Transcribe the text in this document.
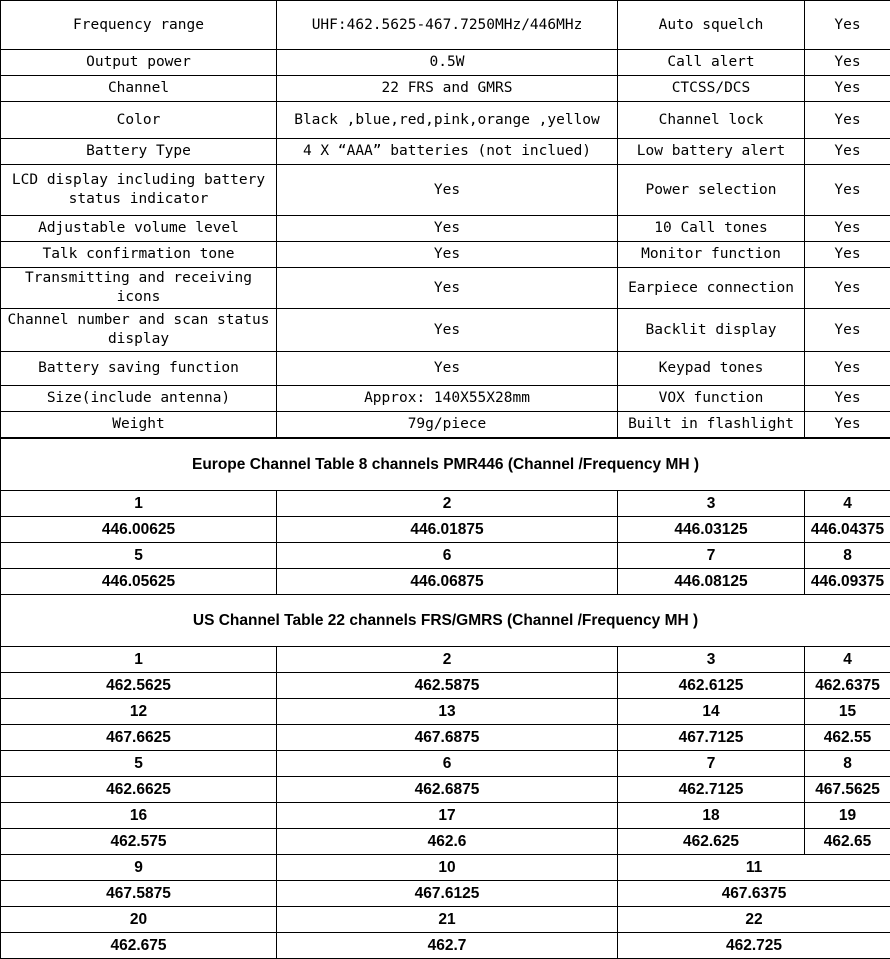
Frequency range	UHF:462.5625-467.7250MHz/446MHz	Auto squelch	Yes
Output power	0.5W	Call alert	Yes
Channel	22 FRS and GMRS	CTCSS/DCS	Yes
Color	Black ,blue,red,pink,orange ,yellow	Channel lock	Yes
Battery Type	4 X “AAA” batteries (not inclued)	Low battery alert	Yes
LCD display including battery status indicator	Yes	Power selection	Yes
Adjustable volume level	Yes	10 Call tones	Yes
Talk confirmation tone	Yes	Monitor function	Yes
Transmitting and receiving icons	Yes	Earpiece connection	Yes
Channel number and scan status display	Yes	Backlit display	Yes
Battery saving function	Yes	Keypad tones	Yes
Size(include antenna)	Approx: 140X55X28mm	VOX function	Yes
Weight	79g/piece	Built in flashlight	Yes
Europe Channel Table 8 channels PMR446 (Channel /Frequency MH )			
1	2	3	4
446.00625	446.01875	446.03125	446.04375
5	6	7	8
446.05625	446.06875	446.08125	446.09375
US Channel Table 22 channels FRS/GMRS (Channel /Frequency MH )			
1	2	3	4
462.5625	462.5875	462.6125	462.6375
12	13	14	15
467.6625	467.6875	467.7125	462.55
5	6	7	8
462.6625	462.6875	462.7125	467.5625
16	17	18	19
462.575	462.6	462.625	462.65
9	10	11	
467.5875	467.6125	467.6375	
20	21	22	
462.675	462.7	462.725	
